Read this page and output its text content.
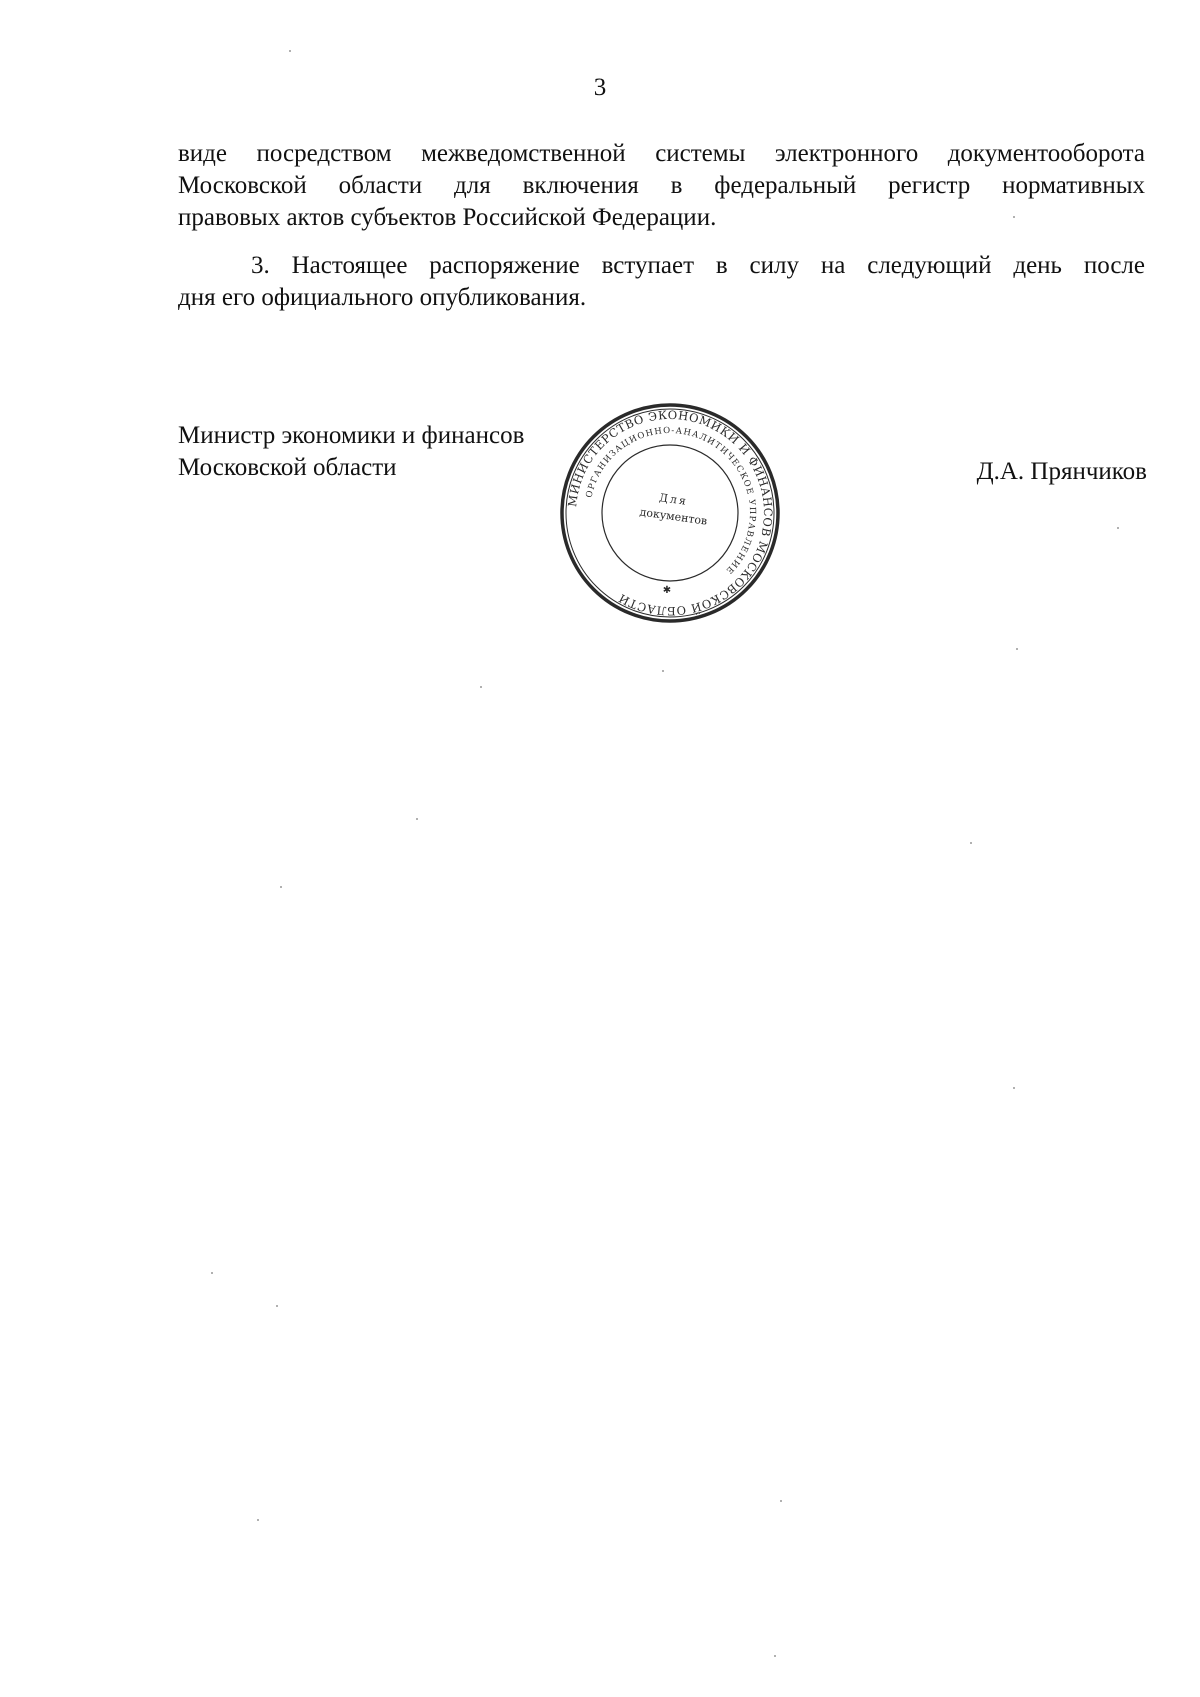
3
виде посредством межведомственной системы электронного документооборота
Московской области для включения в федеральный регистр нормативных
правовых актов субъектов Российской Федерации.
3. Настоящее распоряжение вступает в силу на следующий день после
дня его официального опубликования.
Министр экономики и финансов
Московской области	Д.А. Прянчиков
МИНИСТЕРСТВО ЭКОНОМИКИ И ФИНАНСОВ МОСКОВСКОЙ ОБЛАСТИ
ОРГАНИЗАЦИОННО-АНАЛИТИЧЕСКОЕ УПРАВЛЕНИЕ
Для
документов
✱
